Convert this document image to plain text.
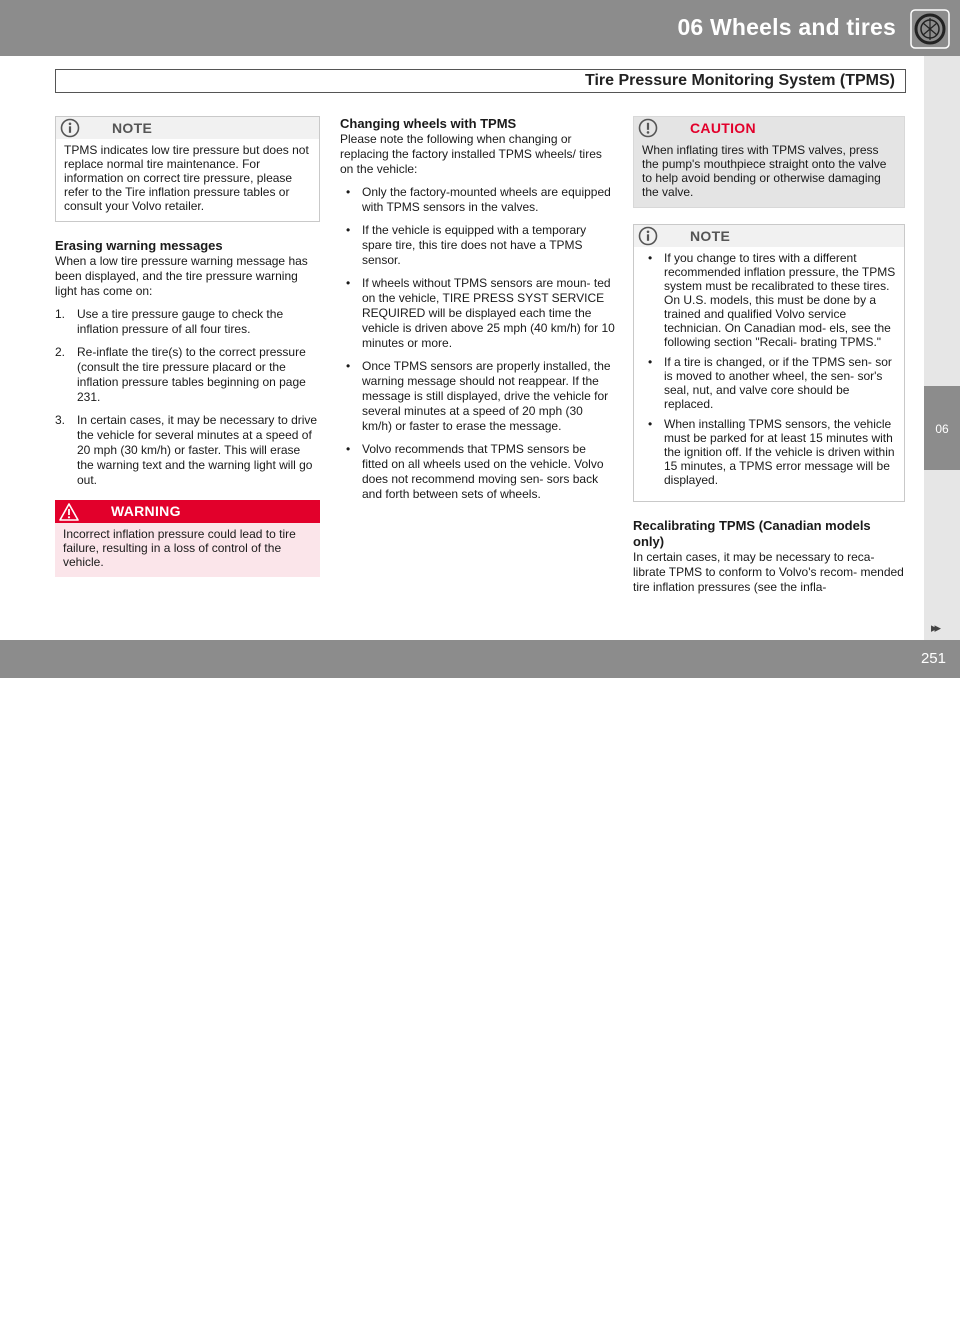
06 Wheels and tires
Tire Pressure Monitoring System (TPMS)
06
NOTE
TPMS indicates low tire pressure but does not replace normal tire maintenance. For information on correct tire pressure, please refer to the Tire inflation pressure tables or consult your Volvo retailer.
Erasing warning messages

When a low tire pressure warning message has been displayed, and the tire pressure warning light has come on:

1. Use a tire pressure gauge to check the inflation pressure of all four tires.
2. Re-inflate the tire(s) to the correct pressure (consult the tire pressure placard or the inflation pressure tables beginning on page 231.
3. In certain cases, it may be necessary to drive the vehicle for several minutes at a speed of 20 mph (30 km/h) or faster. This will erase the warning text and the warning light will go out.
WARNING
Incorrect inflation pressure could lead to tire failure, resulting in a loss of control of the vehicle.
Changing wheels with TPMS

Please note the following when changing or replacing the factory installed TPMS wheels/ tires on the vehicle:

• Only the factory-mounted wheels are equipped with TPMS sensors in the valves.
• If the vehicle is equipped with a temporary spare tire, this tire does not have a TPMS sensor.
• If wheels without TPMS sensors are moun- ted on the vehicle, TIRE PRESS SYST SERVICE REQUIRED will be displayed each time the vehicle is driven above 25 mph (40 km/h) for 10 minutes or more.
• Once TPMS sensors are properly installed, the warning message should not reappear. If the message is still displayed, drive the vehicle for several minutes at a speed of 20 mph (30 km/h) or faster to erase the message.
• Volvo recommends that TPMS sensors be fitted on all wheels used on the vehicle. Volvo does not recommend moving sen- sors back and forth between sets of wheels.
CAUTION
When inflating tires with TPMS valves, press the pump's mouthpiece straight onto the valve to help avoid bending or otherwise damaging the valve.
NOTE
• If you change to tires with a different recommended inflation pressure, the TPMS system must be recalibrated to these tires. On U.S. models, this must be done by a trained and qualified Volvo service technician. On Canadian mod- els, see the following section "Recali- brating TPMS."
• If a tire is changed, or if the TPMS sen- sor is moved to another wheel, the sen- sor's seal, nut, and valve core should be replaced.
• When installing TPMS sensors, the vehicle must be parked for at least 15 minutes with the ignition off. If the vehicle is driven within 15 minutes, a TPMS error message will be displayed.
Recalibrating TPMS (Canadian models only)

In certain cases, it may be necessary to reca- librate TPMS to conform to Volvo's recom- mended tire inflation pressures (see the infla-

▸▸
carmanualsonline.info
251
